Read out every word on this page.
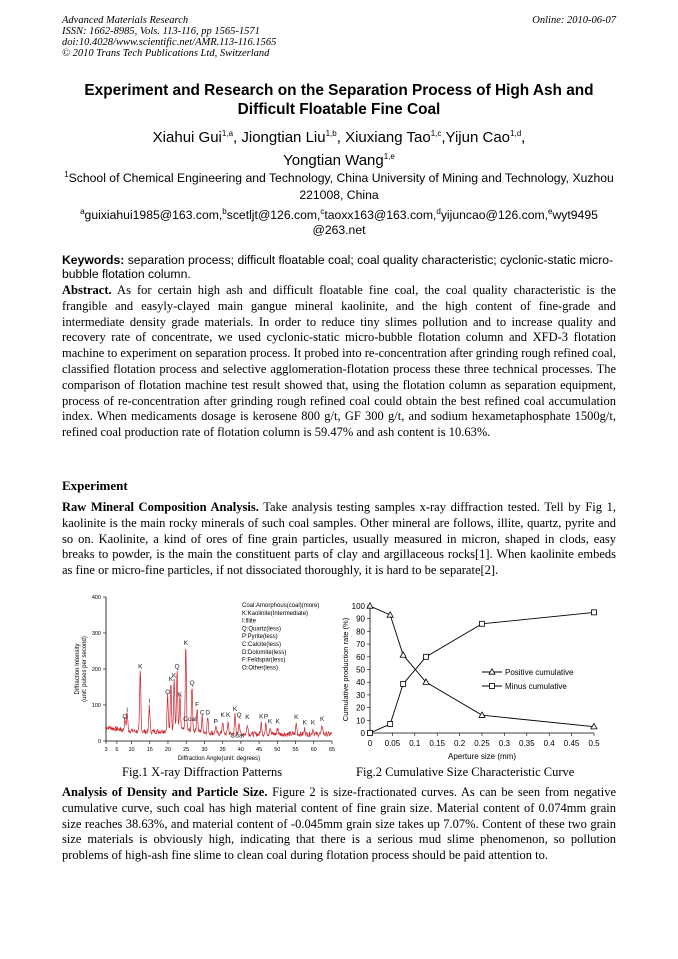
Advanced Materials Research
ISSN: 1662-8985, Vols. 113-116, pp 1565-1571
doi:10.4028/www.scientific.net/AMR.113-116.1565
© 2010 Trans Tech Publications Ltd, Switzerland
Online: 2010-06-07
Experiment and Research on the Separation Process of High Ash and Difficult Floatable Fine Coal
Xiahui Gui$^{1,a}$, Jiongtian Liu$^{1,b}$, Xiuxiang Tao$^{1,c}$,Yijun Cao$^{1,d}$,
Yongtian Wang$^{1,e}$
$^1$School of Chemical Engineering and Technology, China University of Mining and Technology, Xuzhou 221008, China
$^a$guixiahui1985@163.com,$^b$scetljt@126.com,$^c$taoxx163@163.com,$^d$yijuncao@126.com,$^e$wyt9495 @263.net
Keywords: separation process; difficult floatable coal; coal quality characteristic; cyclonic-static micro-bubble flotation column.
Abstract. As for certain high ash and difficult floatable fine coal, the coal quality characteristic is the frangible and easyly-clayed main gangue mineral kaolinite, and the high content of fine-grade and intermediate density grade materials. In order to reduce tiny slimes pollution and to increase quality and recovery rate of concentrate, we used cyclonic-static micro-bubble flotation column and XFD-3 flotation machine to experiment on separation process. It probed into re-concentration after grinding rough refined coal, classified flotation process and selective agglomeration-flotation process these three technical processes. The comparison of flotation machine test result showed that, using the flotation column as separation equipment, process of re-concentration after grinding rough refined coal could obtain the best refined coal accumulation index. When medicaments dosage is kerosene 800 g/t, GF 300 g/t, and sodium hexametaphosphate 1500g/t, refined coal production rate of flotation column is 59.47% and ash content is 10.63%.
Experiment
Raw Mineral Composition Analysis. Take analysis testing samples x-ray diffraction tested. Tell by Fig 1, kaolinite is the main rocky minerals of such coal samples. Other mineral are follows, illite, quartz, pyrite and so on. Kaolinite, a kind of ores of fine grain particles, usually measured in micron, shaped in clods, easy breaks to powder, is the main the constituent parts of clay and argillaceous rocks[1]. When kaolinite embeds as fine or micro-fine particles, if not dissociated thoroughly, it is hard to be separate[2].
0
100
200
300
400
3 6 10 15 20 25 30 35 40 45 50 55 60 65
Diffraction Angle(unit: degrees)
Diffraction Intensity (unit: pulses per second)
I
O
K
I
O
K
K
Q
K
K
Q
F
C D
P
K K
K
Q K K P
K K
K
K K
K
Coal
Coal
Coal:Amorphous(coal)(more)
K:Kaolinite(Intermediate)
I:Illite
Q:Quartz(less)
P:Pyrite(less)
C:Calcite(less)
D:Dolomite(less)
F:Feldspar(less)
O:Other(less)
0
10
20
30
40
50
60
70
80
90
100
0 0.05 0.1 0.15 0.2 0.25 0.3 0.35 0.4 0.45 0.5
Aperture size (mm)
Cumulative production rate (%)	Positive cumulative
Minus cumulative
Fig.1 X-ray Diffraction Patterns	Fig.2 Cumulative Size Characteristic Curve
Analysis of Density and Particle Size. Figure 2 is size-fractionated curves. As can be seen from negative cumulative curve, such coal has high material content of fine grain size. Material content of 0.074mm grain size reaches 38.63%, and material content of -0.045mm grain size takes up 7.07%. Content of these two grain size materials is obviously high, indicating that there is a serious mud slime phenomenon, so pollution problems of high-ash fine slime to clean coal during flotation process should be paid attention to.
